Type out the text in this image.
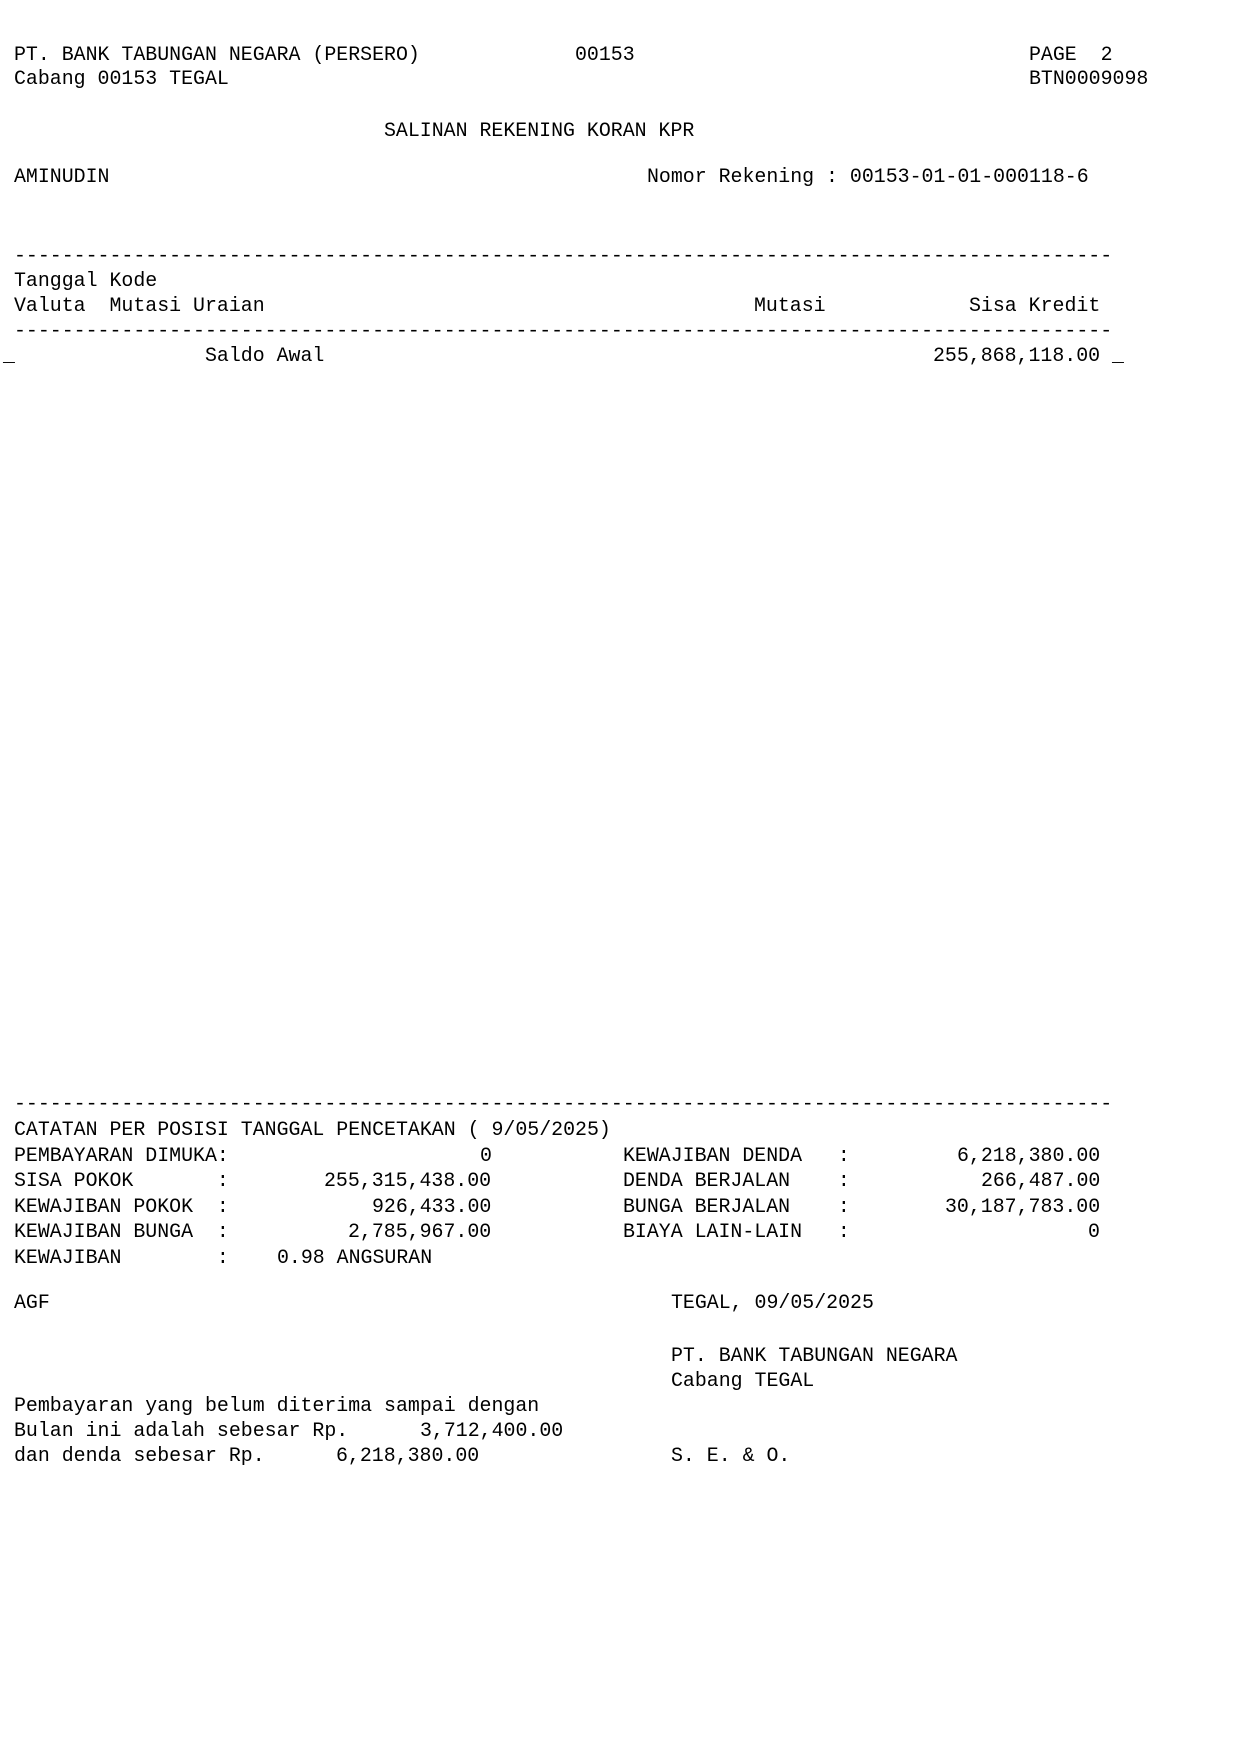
PT. BANK TABUNGAN NEGARA (PERSERO)	00153	PAGE  2
Cabang 00153 TEGAL	BTN0009098
SALINAN REKENING KORAN KPR
AMINUDIN	Nomor Rekening : 00153-01-01-000118-6
--------------------------------------------------------------------------------------------
Tanggal Kode
Valuta  Mutasi Uraian	Mutasi	Sisa Kredit
--------------------------------------------------------------------------------------------
_	Saldo Awal	255,868,118.00 _
--------------------------------------------------------------------------------------------
CATATAN PER POSISI TANGGAL PENCETAKAN ( 9/05/2025)
PEMBAYARAN DIMUKA:	0	KEWAJIBAN DENDA   :	6,218,380.00
SISA POKOK       :	255,315,438.00	DENDA BERJALAN    :	266,487.00
KEWAJIBAN POKOK  :	926,433.00	BUNGA BERJALAN    :	30,187,783.00
KEWAJIBAN BUNGA  :	2,785,967.00	BIAYA LAIN-LAIN   :	0
KEWAJIBAN        : 0.98 ANGSURAN
AGF	TEGAL, 09/05/2025
PT. BANK TABUNGAN NEGARA
Cabang TEGAL
Pembayaran yang belum diterima sampai dengan
Bulan ini adalah sebesar Rp.	3,712,400.00
dan denda sebesar Rp.	6,218,380.00	S. E. & O.
